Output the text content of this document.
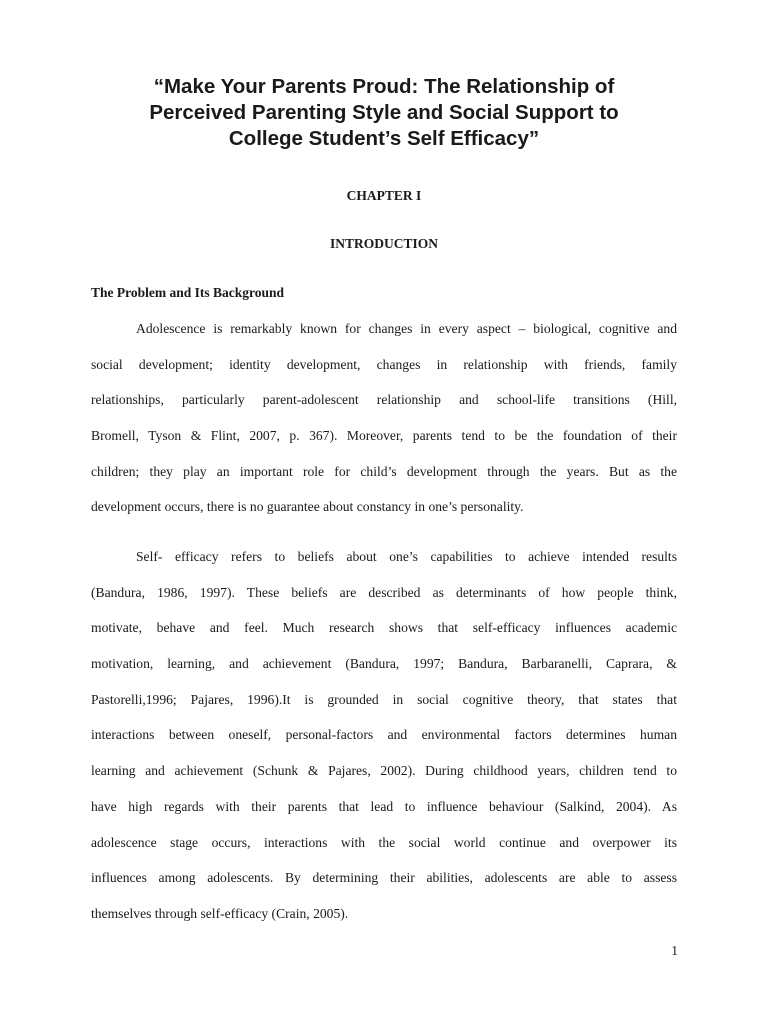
“Make Your Parents Proud: The Relationship of
Perceived Parenting Style and Social Support to
College Student’s Self Efficacy”
CHAPTER I
INTRODUCTION
The Problem and Its Background
Adolescence is remarkably known for changes in every aspect – biological, cognitive and
social development; identity development, changes in relationship with friends, family
relationships, particularly parent-adolescent relationship and school-life transitions (Hill,
Bromell, Tyson & Flint, 2007, p. 367). Moreover, parents tend to be the foundation of their
children; they play an important role for child’s development through the years. But as the
development occurs, there is no guarantee about constancy in one’s personality.
Self- efficacy refers to beliefs about one’s capabilities to achieve intended results
(Bandura, 1986, 1997). These beliefs are described as determinants of how people think,
motivate, behave and feel. Much research shows that self-efficacy influences academic
motivation, learning, and achievement (Bandura, 1997; Bandura, Barbaranelli, Caprara, &
Pastorelli,1996; Pajares, 1996).It is grounded in social cognitive theory, that states that
interactions between oneself, personal-factors and environmental factors determines human
learning and achievement (Schunk & Pajares, 2002). During childhood years, children tend to
have high regards with their parents that lead to influence behaviour (Salkind, 2004). As
adolescence stage occurs, interactions with the social world continue and overpower its
influences among adolescents. By determining their abilities, adolescents are able to assess
themselves through self-efficacy (Crain, 2005).
1
